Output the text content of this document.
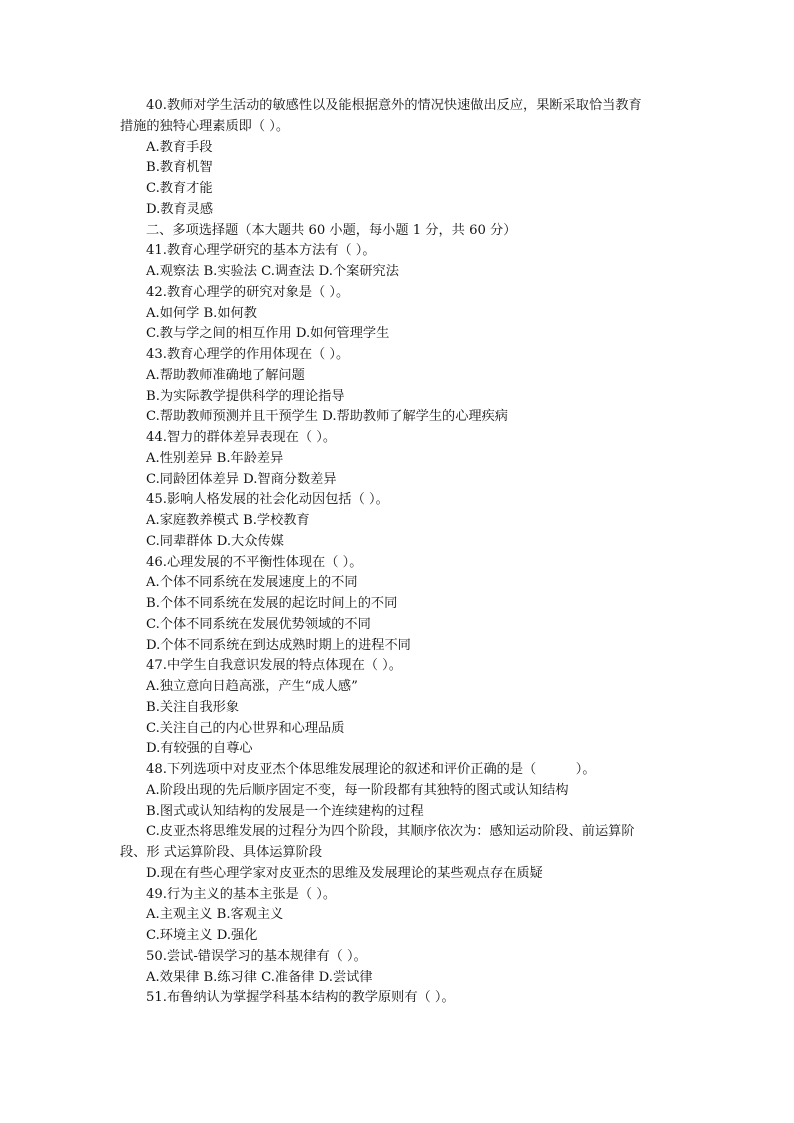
40.教师对学生活动的敏感性以及能根据意外的情况快速做出反应，果断采取恰当教育
措施的独特心理素质即（ ）。
A.教育手段
B.教育机智
C.教育才能
D.教育灵感
二、多项选择题（本大题共 60 小题，每小题 1 分，共 60 分）
41.教育心理学研究的基本方法有（ ）。
A.观察法 B.实验法 C.调查法 D.个案研究法
42.教育心理学的研究对象是（ ）。
A.如何学 B.如何教
C.教与学之间的相互作用 D.如何管理学生
43.教育心理学的作用体现在（ ）。
A.帮助教师准确地了解问题
B.为实际教学提供科学的理论指导
C.帮助教师预测并且干预学生 D.帮助教师了解学生的心理疾病
44.智力的群体差异表现在（ ）。
A.性别差异 B.年龄差异
C.同龄团体差异 D.智商分数差异
45.影响人格发展的社会化动因包括（ ）。
A.家庭教养模式 B.学校教育
C.同辈群体 D.大众传媒
46.心理发展的不平衡性体现在（ ）。
A.个体不同系统在发展速度上的不同
B.个体不同系统在发展的起讫时间上的不同
C.个体不同系统在发展优势领域的不同
D.个体不同系统在到达成熟时期上的进程不同
47.中学生自我意识发展的特点体现在（ ）。
A.独立意向日趋高涨，产生“成人感”
B.关注自我形象
C.关注自己的内心世界和心理品质
D.有较强的自尊心
48.下列选项中对皮亚杰个体思维发展理论的叙述和评价正确的是（　　　）。
A.阶段出现的先后顺序固定不变，每一阶段都有其独特的图式或认知结构
B.图式或认知结构的发展是一个连续建构的过程
C.皮亚杰将思维发展的过程分为四个阶段，其顺序依次为：感知运动阶段、前运算阶
段、形 式运算阶段、具体运算阶段
D.现在有些心理学家对皮亚杰的思维及发展理论的某些观点存在质疑
49.行为主义的基本主张是（ ）。
A.主观主义 B.客观主义
C.环境主义 D.强化
50.尝试-错误学习的基本规律有（ ）。
A.效果律 B.练习律 C.准备律 D.尝试律
51.布鲁纳认为掌握学科基本结构的教学原则有（ ）。
